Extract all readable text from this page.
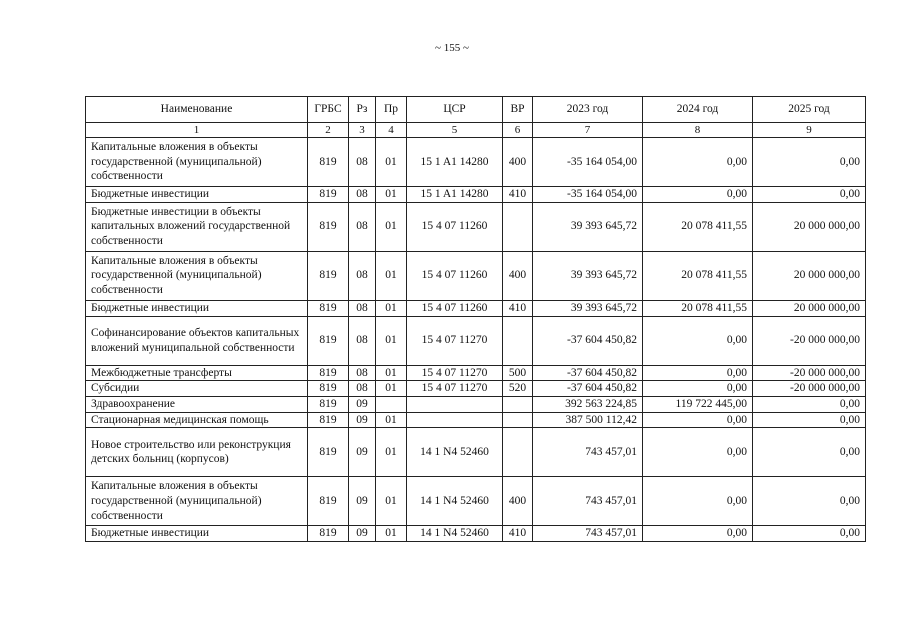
~ 155 ~
Наименование	ГРБС	Рз	Пр	ЦСР	ВР	2023 год	2024 год	2025 год
1	2	3	4	5	6	7	8	9
Капитальные вложения в объекты государственной (муниципальной) собственности	819	08	01	15 1 A1 14280	400	-35 164 054,00	0,00	0,00
Бюджетные инвестиции	819	08	01	15 1 A1 14280	410	-35 164 054,00	0,00	0,00
Бюджетные инвестиции в объекты капитальных вложений государственной собственности	819	08	01	15 4 07 11260		39 393 645,72	20 078 411,55	20 000 000,00
Капитальные вложения в объекты государственной (муниципальной) собственности	819	08	01	15 4 07 11260	400	39 393 645,72	20 078 411,55	20 000 000,00
Бюджетные инвестиции	819	08	01	15 4 07 11260	410	39 393 645,72	20 078 411,55	20 000 000,00
Софинансирование объектов капитальных вложений муниципальной собственности	819	08	01	15 4 07 11270		-37 604 450,82	0,00	-20 000 000,00
Межбюджетные трансферты	819	08	01	15 4 07 11270	500	-37 604 450,82	0,00	-20 000 000,00
Субсидии	819	08	01	15 4 07 11270	520	-37 604 450,82	0,00	-20 000 000,00
Здравоохранение	819	09				392 563 224,85	119 722 445,00	0,00
Стационарная медицинская помощь	819	09	01			387 500 112,42	0,00	0,00
Новое строительство или реконструкция детских больниц (корпусов)	819	09	01	14 1 N4 52460		743 457,01	0,00	0,00
Капитальные вложения в объекты государственной (муниципальной) собственности	819	09	01	14 1 N4 52460	400	743 457,01	0,00	0,00
Бюджетные инвестиции	819	09	01	14 1 N4 52460	410	743 457,01	0,00	0,00
